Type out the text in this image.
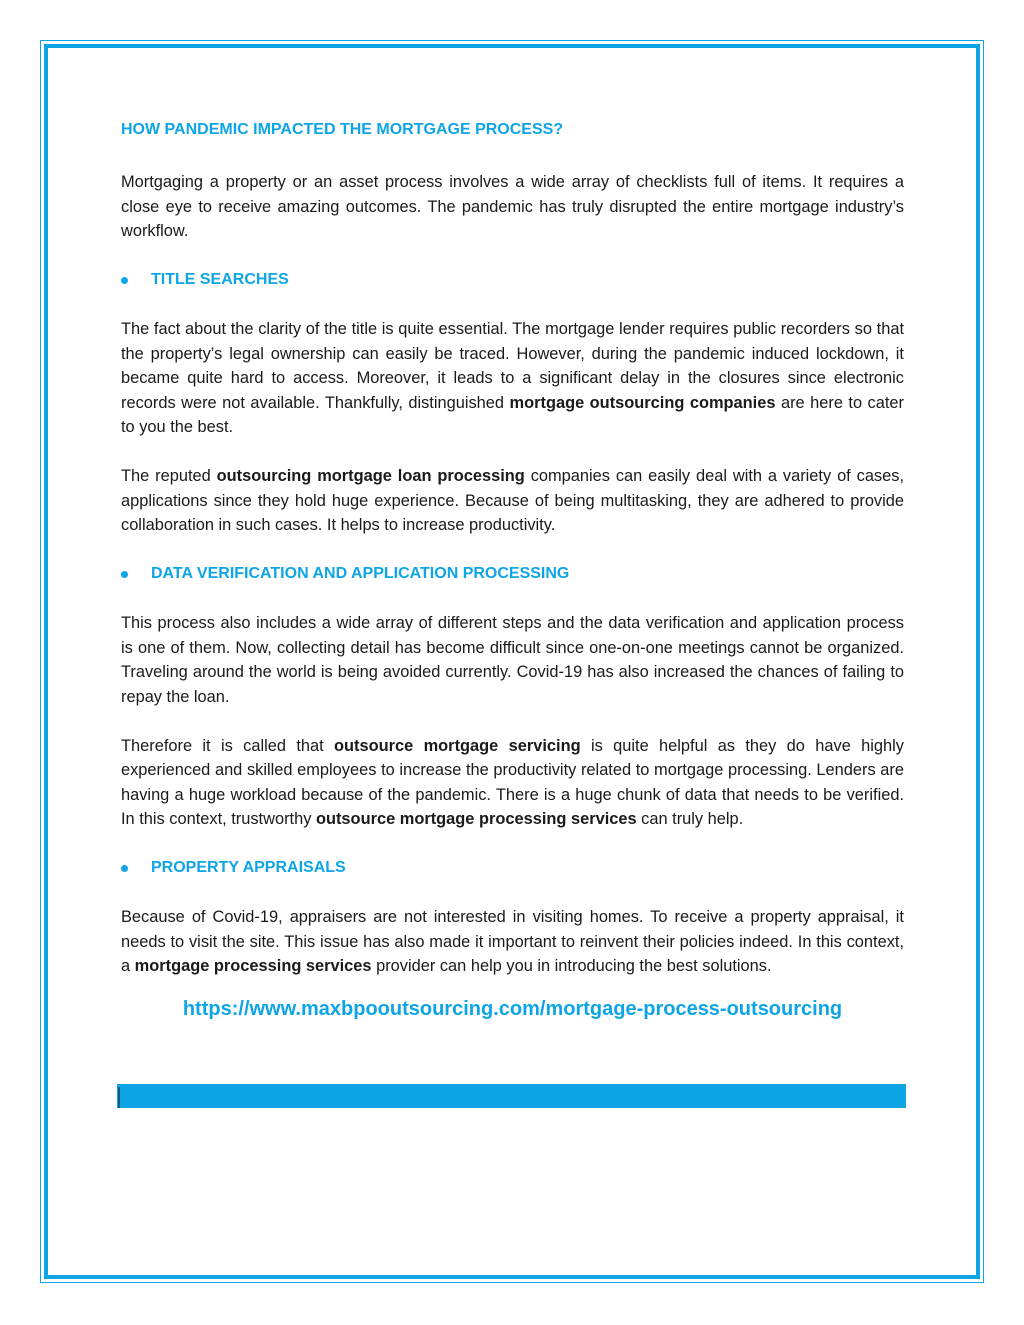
HOW PANDEMIC IMPACTED THE MORTGAGE PROCESS?

Mortgaging a property or an asset process involves a wide array of checklists full of items. It requires a close eye to receive amazing outcomes. The pandemic has truly disrupted the entire mortgage industry’s workflow.

TITLE SEARCHES

The fact about the clarity of the title is quite essential. The mortgage lender requires public recorders so that the property’s legal ownership can easily be traced. However, during the pandemic induced lockdown, it became quite hard to access. Moreover, it leads to a significant delay in the closures since electronic records were not available. Thankfully, distinguished mortgage outsourcing companies are here to cater to you the best.

The reputed outsourcing mortgage loan processing companies can easily deal with a variety of cases, applications since they hold huge experience. Because of being multitasking, they are adhered to provide collaboration in such cases. It helps to increase productivity.

DATA VERIFICATION AND APPLICATION PROCESSING

This process also includes a wide array of different steps and the data verification and application process is one of them. Now, collecting detail has become difficult since one-on-one meetings cannot be organized. Traveling around the world is being avoided currently. Covid-19 has also increased the chances of failing to repay the loan.

Therefore it is called that outsource mortgage servicing is quite helpful as they do have highly experienced and skilled employees to increase the productivity related to mortgage processing. Lenders are having a huge workload because of the pandemic. There is a huge chunk of data that needs to be verified. In this context, trustworthy outsource mortgage processing services can truly help.

PROPERTY APPRAISALS

Because of Covid-19, appraisers are not interested in visiting homes. To receive a property appraisal, it needs to visit the site. This issue has also made it important to reinvent their policies indeed. In this context, a mortgage processing services provider can help you in introducing the best solutions.

https://www.maxbpooutsourcing.com/mortgage-process-outsourcing
